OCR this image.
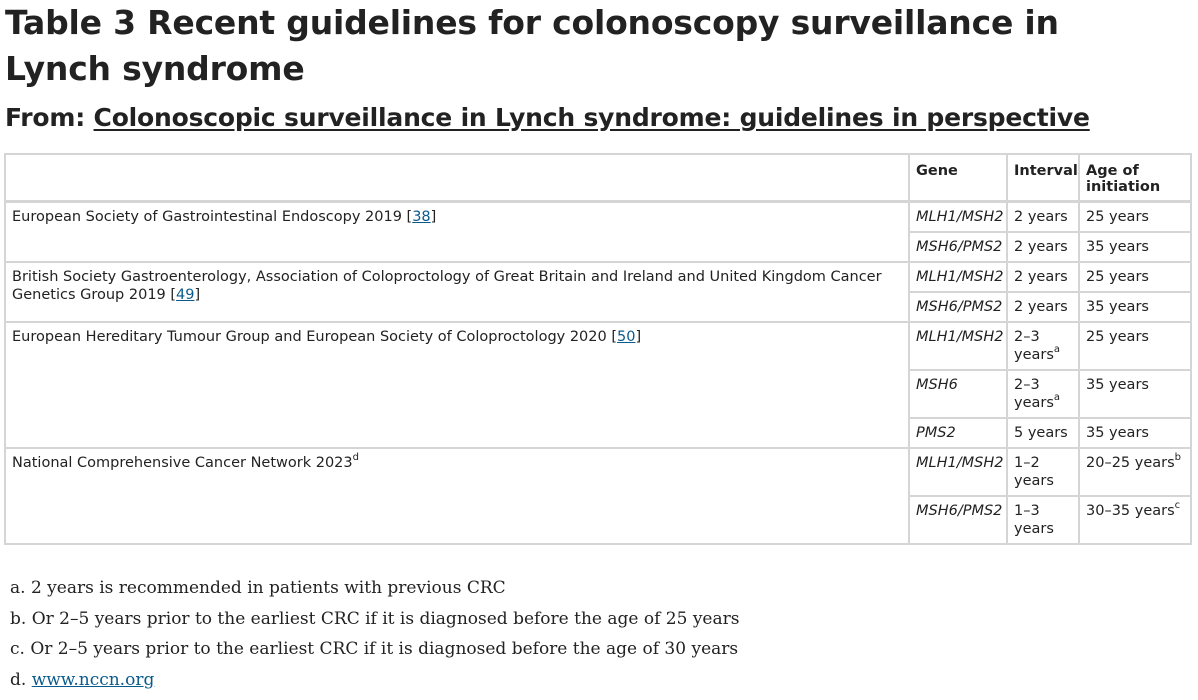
Table 3 Recent guidelines for colonoscopy surveillance in Lynch syndrome
From: Colonoscopic surveillance in Lynch syndrome: guidelines in perspective
	Gene	Interval	Age of initiation
European Society of Gastrointestinal Endoscopy 2019 [38]	MLH1/MSH2	2 years	25 years
	MSH6/PMS2	2 years	35 years
British Society Gastroenterology, Association of Coloproctology of Great Britain and Ireland and United Kingdom Cancer Genetics Group 2019 [49]	MLH1/MSH2	2 years	25 years
	MSH6/PMS2	2 years	35 years
European Hereditary Tumour Group and European Society of Coloproctology 2020 [50]	MLH1/MSH2	2–3 years$^a$	25 years
	MSH6	2–3 years$^a$	35 years
	PMS2	5 years	35 years
National Comprehensive Cancer Network 2023$^d$	MLH1/MSH2	1–2 years	20–25 years$^b$
	MSH6/PMS2	1–3 years	30–35 years$^c$
a. 2 years is recommended in patients with previous CRC
b. Or 2–5 years prior to the earliest CRC if it is diagnosed before the age of 25 years
c. Or 2–5 years prior to the earliest CRC if it is diagnosed before the age of 30 years
d. www.nccn.org
